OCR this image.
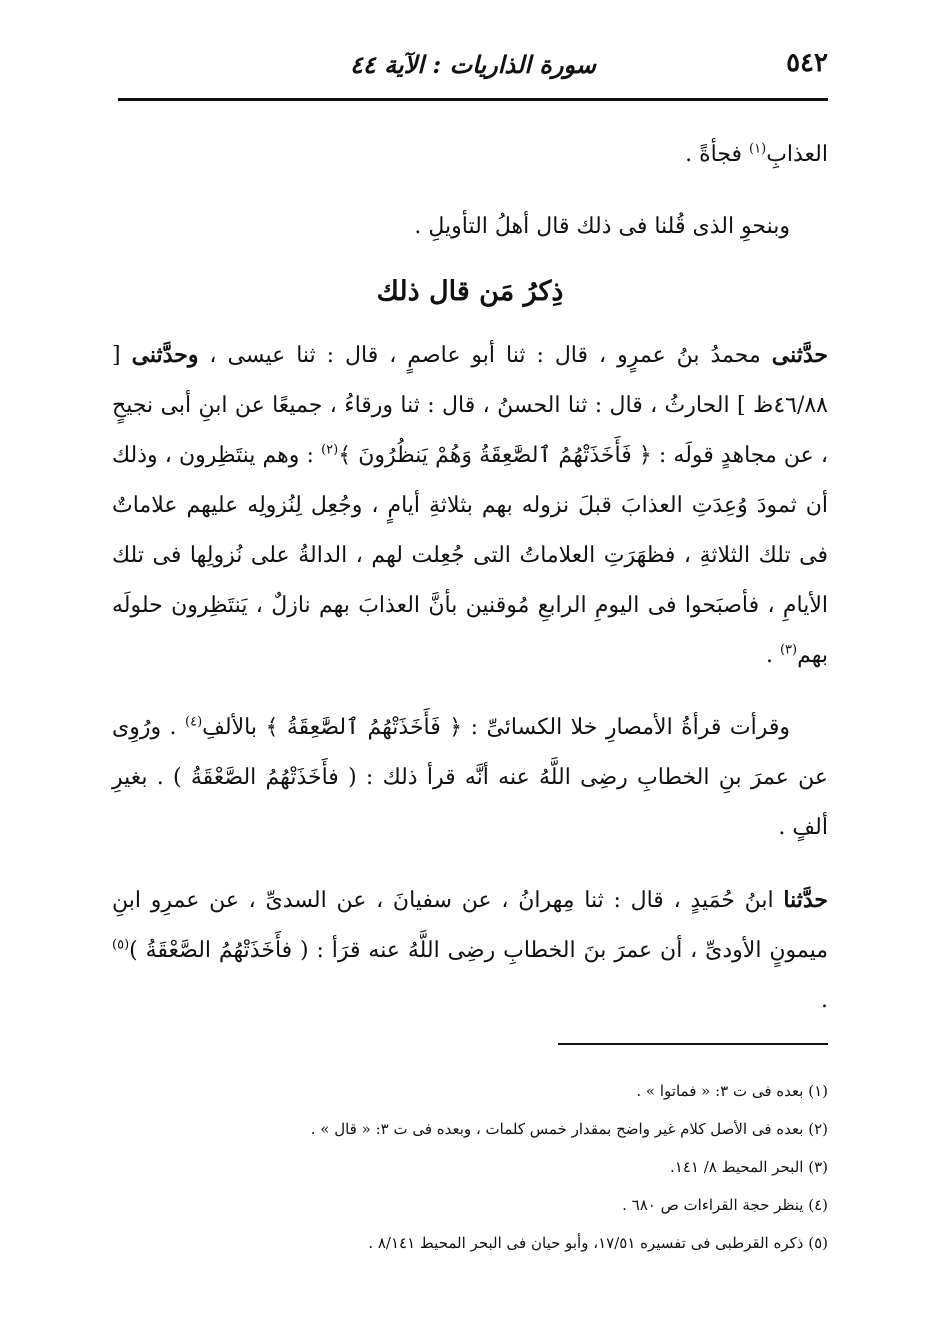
٥٤٢
سورة الذاريات : الآية ٤٤

العذابِ$^{(١)}$ فجأةً .

وبنحوِ الذى قُلنا فى ذلك قال أهلُ التأويلِ .

ذِكرُ مَن قال ذلك

حدَّثنى محمدُ بنُ عمرٍو ، قال : ثنا أبو عاصمٍ ، قال : ثنا عيسى ، وحدَّثنى [ ٤٦/٨٨ظ ] الحارثُ ، قال : ثنا الحسنُ ، قال : ثنا ورقاءُ ، جميعًا عن ابنِ أبى نجيحٍ ، عن مجاهدٍ قولَه : ﴿ فَأَخَذَتْهُمُ ٱلصَّٰعِقَةُ وَهُمْ يَنظُرُونَ ﴾$^{(٢)}$ : وهم ينتَظِرون ، وذلك أن ثمودَ وُعِدَتِ العذابَ قبلَ نزوله بهم بثلاثةِ أيامٍ ، وجُعِل لِنُزولِه عليهم علاماتٌ فى تلك الثلاثةِ ، فظهَرَتِ العلاماتُ التى جُعِلت لهم ، الدالةُ على نُزولِها فى تلك الأيامِ ، فأصبَحوا فى اليومِ الرابعِ مُوقنين بأنَّ العذابَ بهم نازلٌ ، يَنتَظِرون حلولَه بهم$^{(٣)}$ .

وقرأت قرأةُ الأمصارِ خلا الكسائىِّ : ﴿ فَأَخَذَتْهُمُ ٱلصَّٰعِقَةُ ﴾ بالألفِ$^{(٤)}$ . ورُوِى عن عمرَ بنِ الخطابِ رضِى اللَّهُ عنه أنَّه قرأ ذلك : ( فأَخَذَتْهُمُ الصَّعْقَةُ ) . بغيرِ ألفٍ .

حدَّثنا ابنُ حُمَيدٍ ، قال : ثنا مِهرانُ ، عن سفيانَ ، عن السدىِّ ، عن عمرِو ابنِ ميمونٍ الأودىِّ ، أن عمرَ بنَ الخطابِ رضِى اللَّهُ عنه قرَأ : ( فأَخَذَتْهُمُ الصَّعْقَةُ )$^{(٥)}$ .

(١) بعده فى ت ٣: « فماتوا » .

(٢) بعده فى الأصل كلام غير واضح بمقدار خمس كلمات ، وبعده فى ت ٣: « قال » .

(٣) البحر المحيط ٨/ ١٤١.

(٤) ينظر حجة القراءات ص ٦٨٠ .

(٥) ذكره القرطبى فى تفسيره ١٧/٥١، وأبو حيان فى البحر المحيط ٨/١٤١ .
